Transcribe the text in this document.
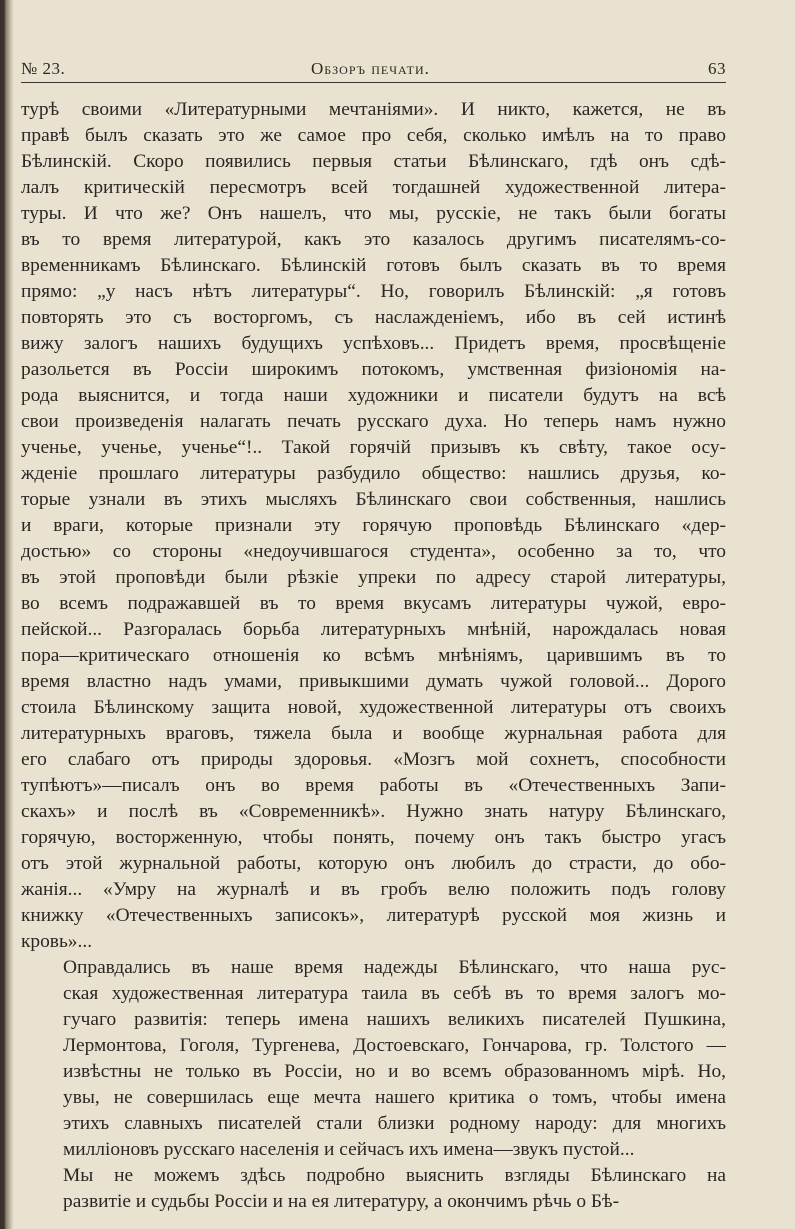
№ 23.	Обзоръ печати.	63
турѣ своими «Литературными мечтаніями». И никто, кажется, не въ
правѣ былъ сказать это же самое про себя, сколько имѣлъ на то право
Бѣлинскій. Скоро появились первыя статьи Бѣлинскаго, гдѣ онъ сдѣ-
лалъ критическій пересмотръ всей тогдашней художественной литера-
туры. И что же? Онъ нашелъ, что мы, русскіе, не такъ были богаты
въ то время литературой, какъ это казалось другимъ писателямъ-со-
временникамъ Бѣлинскаго. Бѣлинскій готовъ былъ сказать въ то время
прямо: „у насъ нѣтъ литературы“. Но, говорилъ Бѣлинскій: „я готовъ
повторять это съ восторгомъ, съ наслажденіемъ, ибо въ сей истинѣ
вижу залогъ нашихъ будущихъ успѣховъ... Придетъ время, просвѣщеніе
разольется въ Россіи широкимъ потокомъ, умственная физіономія на-
рода выяснится, и тогда наши художники и писатели будутъ на всѣ
свои произведенія налагать печать русскаго духа. Но теперь намъ нужно
ученье, ученье, ученье“!.. Такой горячій призывъ къ свѣту, такое осу-
жденіе прошлаго литературы разбудило общество: нашлись друзья, ко-
торые узнали въ этихъ мысляхъ Бѣлинскаго свои собственныя, нашлись
и враги, которые признали эту горячую проповѣдь Бѣлинскаго «дер-
достью» со стороны «недоучившагося студента», особенно за то, что
въ этой проповѣди были рѣзкіе упреки по адресу старой литературы,
во всемъ подражавшей въ то время вкусамъ литературы чужой, евро-
пейской... Разгоралась борьба литературныхъ мнѣній, нарождалась новая
пора—критическаго отношенія ко всѣмъ мнѣніямъ, царившимъ въ то
время властно надъ умами, привыкшими думать чужой головой... Дорого
стоила Бѣлинскому защита новой, художественной литературы отъ своихъ
литературныхъ враговъ, тяжела была и вообще журнальная работа для
его слабаго отъ природы здоровья. «Мозгъ мой сохнетъ, способности
тупѣютъ»—писалъ онъ во время работы въ «Отечественныхъ Запи-
скахъ» и послѣ въ «Современникѣ». Нужно знать натуру Бѣлинскаго,
горячую, восторженную, чтобы понять, почему онъ такъ быстро угасъ
отъ этой журнальной работы, которую онъ любилъ до страсти, до обо-
жанія... «Умру на журналѣ и въ гробъ велю положить подъ голову
книжку «Отечественныхъ записокъ», литературѣ русской моя жизнь и
кровь»...
Оправдались въ наше время надежды Бѣлинскаго, что наша рус-
ская художественная литература таила въ себѣ въ то время залогъ мо-
гучаго развитія: теперь имена нашихъ великихъ писателей Пушкина,
Лермонтова, Гоголя, Тургенева, Достоевскаго, Гончарова, гр. Толстого —
извѣстны не только въ Россіи, но и во всемъ образованномъ мірѣ. Но,
увы, не совершилась еще мечта нашего критика о томъ, чтобы имена
этихъ славныхъ писателей стали близки родному народу: для многихъ
милліоновъ русскаго населенія и сейчасъ ихъ имена—звукъ пустой...
Мы не можемъ здѣсь подробно выяснить взгляды Бѣлинскаго на
развитіе и судьбы Россіи и на ея литературу, а окончимъ рѣчь о Бѣ-
